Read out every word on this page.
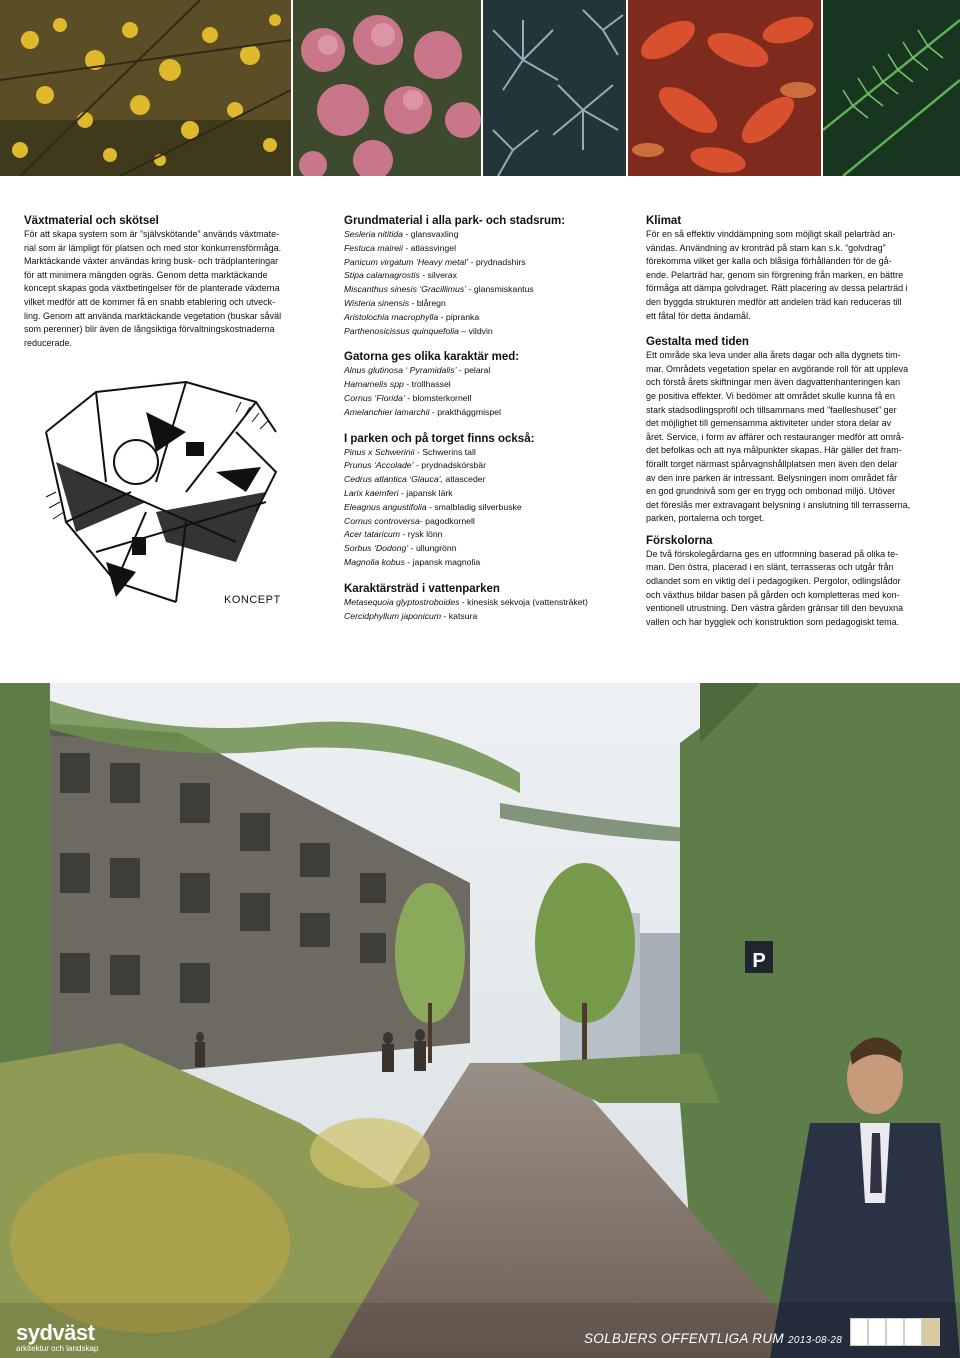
Växtmaterial och skötsel

För att skapa system som är ”självskötande” används växtmate-

rial som är lämpligt för platsen och med stor konkurrensförmåga.

Marktäckande växter användas kring busk- och trädplanteringar

för att minimera mängden ogräs. Genom detta marktäckande

koncept skapas goda växtbetingelser för de planterade växterna

vilket medför att de kommer få en snabb etablering och utveck-

ling. Genom att använda marktäckande vegetation (buskar såväl

som perenner) blir även de långsiktiga förvaltningskostnaderna

reducerade.

KONCEPT
Grundmaterial i alla park- och stadsrum:
Sesleria nititida - glansvaxling
Festuca maireii - atlassvingel
Panicum virgatum ‘Heavy metal’ - prydnadshirs
Stipa calamagrostis - silverax
Miscanthus sinesis ‘Gracillimus’ - glansmiskantus
Wisteria sinensis - blåregn
Aristolochia macrophylla - pipranka
Parthenosicissus quinquefolia – vildvin
Gatorna ges olika karaktär med:
Alnus glutinosa ‘ Pyramidalis’ - pelaral
Hamamelis spp - trollhassel
Cornus ‘Florida’ - blomsterkornell
Amelanchier lamarchii - prakthäggmispel
I parken och på torget finns också:
Pinus x Schwerinii - Schwerins tall
Prunus ‘Accolade’ - prydnadskörsbär
Cedrus atlantica ‘Glauca’, atlasceder
Larix kaemferi - japansk lärk
Eleagnus angustifolia - smalbladig silverbuske
Cornus controversa- pagodkornell
Acer tataricum - rysk lönn
Sorbus ‘Dodong’ - ullungrönn
Magnolia kobus - japansk magnolia
Karaktärsträd i vattenparken
Metasequoia glyptostroboides - kinesisk sekvoja (vattensträket)
Cercidphyllum japonicum - katsura
Klimat

För en så effektiv vinddämpning som möjligt skall pelarträd an-

vändas. Användning av kronträd på stam kan s.k. ”golvdrag”

förekomma vilket ger kalla och blåsiga förhållanden för de gå-

ende. Pelarträd har, genom sin förgrening från marken, en bättre

förmåga att dämpa golvdraget. Rätt placering av dessa pelarträd i

den byggda strukturen medför att andelen träd kan reduceras till

ett fåtal för detta ändamål.

Gestalta med tiden

Ett område ska leva under alla årets dagar och alla dygnets tim-

mar. Områdets vegetation spelar en avgörande roll för att uppleva

och förstå årets skiftningar men även dagvattenhanteringen kan

ge positiva effekter. Vi bedömer att området skulle kunna få en

stark stadsodlingsprofil och tillsammans med ”faelleshuset” ger

det möjlighet till gemensamma aktiviteter under stora delar av

året. Service, i form av affärer och restauranger medför att områ-

det befolkas och att nya målpunkter skapas. Här gäller det fram-

förallt torget närmast spårvagnshållplatsen men även den delar

av den inre parken är intressant. Belysningen inom området får

en god grundnivå som ger en trygg och ombonad miljö. Utöver

det föreslås mer extravagant belysning i anslutning till terrasserna,

parken, portalerna och torget.

Förskolorna

De två förskolegårdarna ges en utformning baserad på olika te-

man. Den östra, placerad i en slänt, terrasseras och utgår från

odlandet som en viktig del i pedagogiken. Pergolor, odlingslådor

och växthus bildar basen på gården och kompletteras med kon-

ventionell utrustning. Den västra gården gränsar till den bevuxna

vallen och har bygglek och konstruktion som pedagogiskt tema.

P
sydväst
arkitektur och landskap
SOLBJERS OFFENTLIGA RUM 2013-08-28
